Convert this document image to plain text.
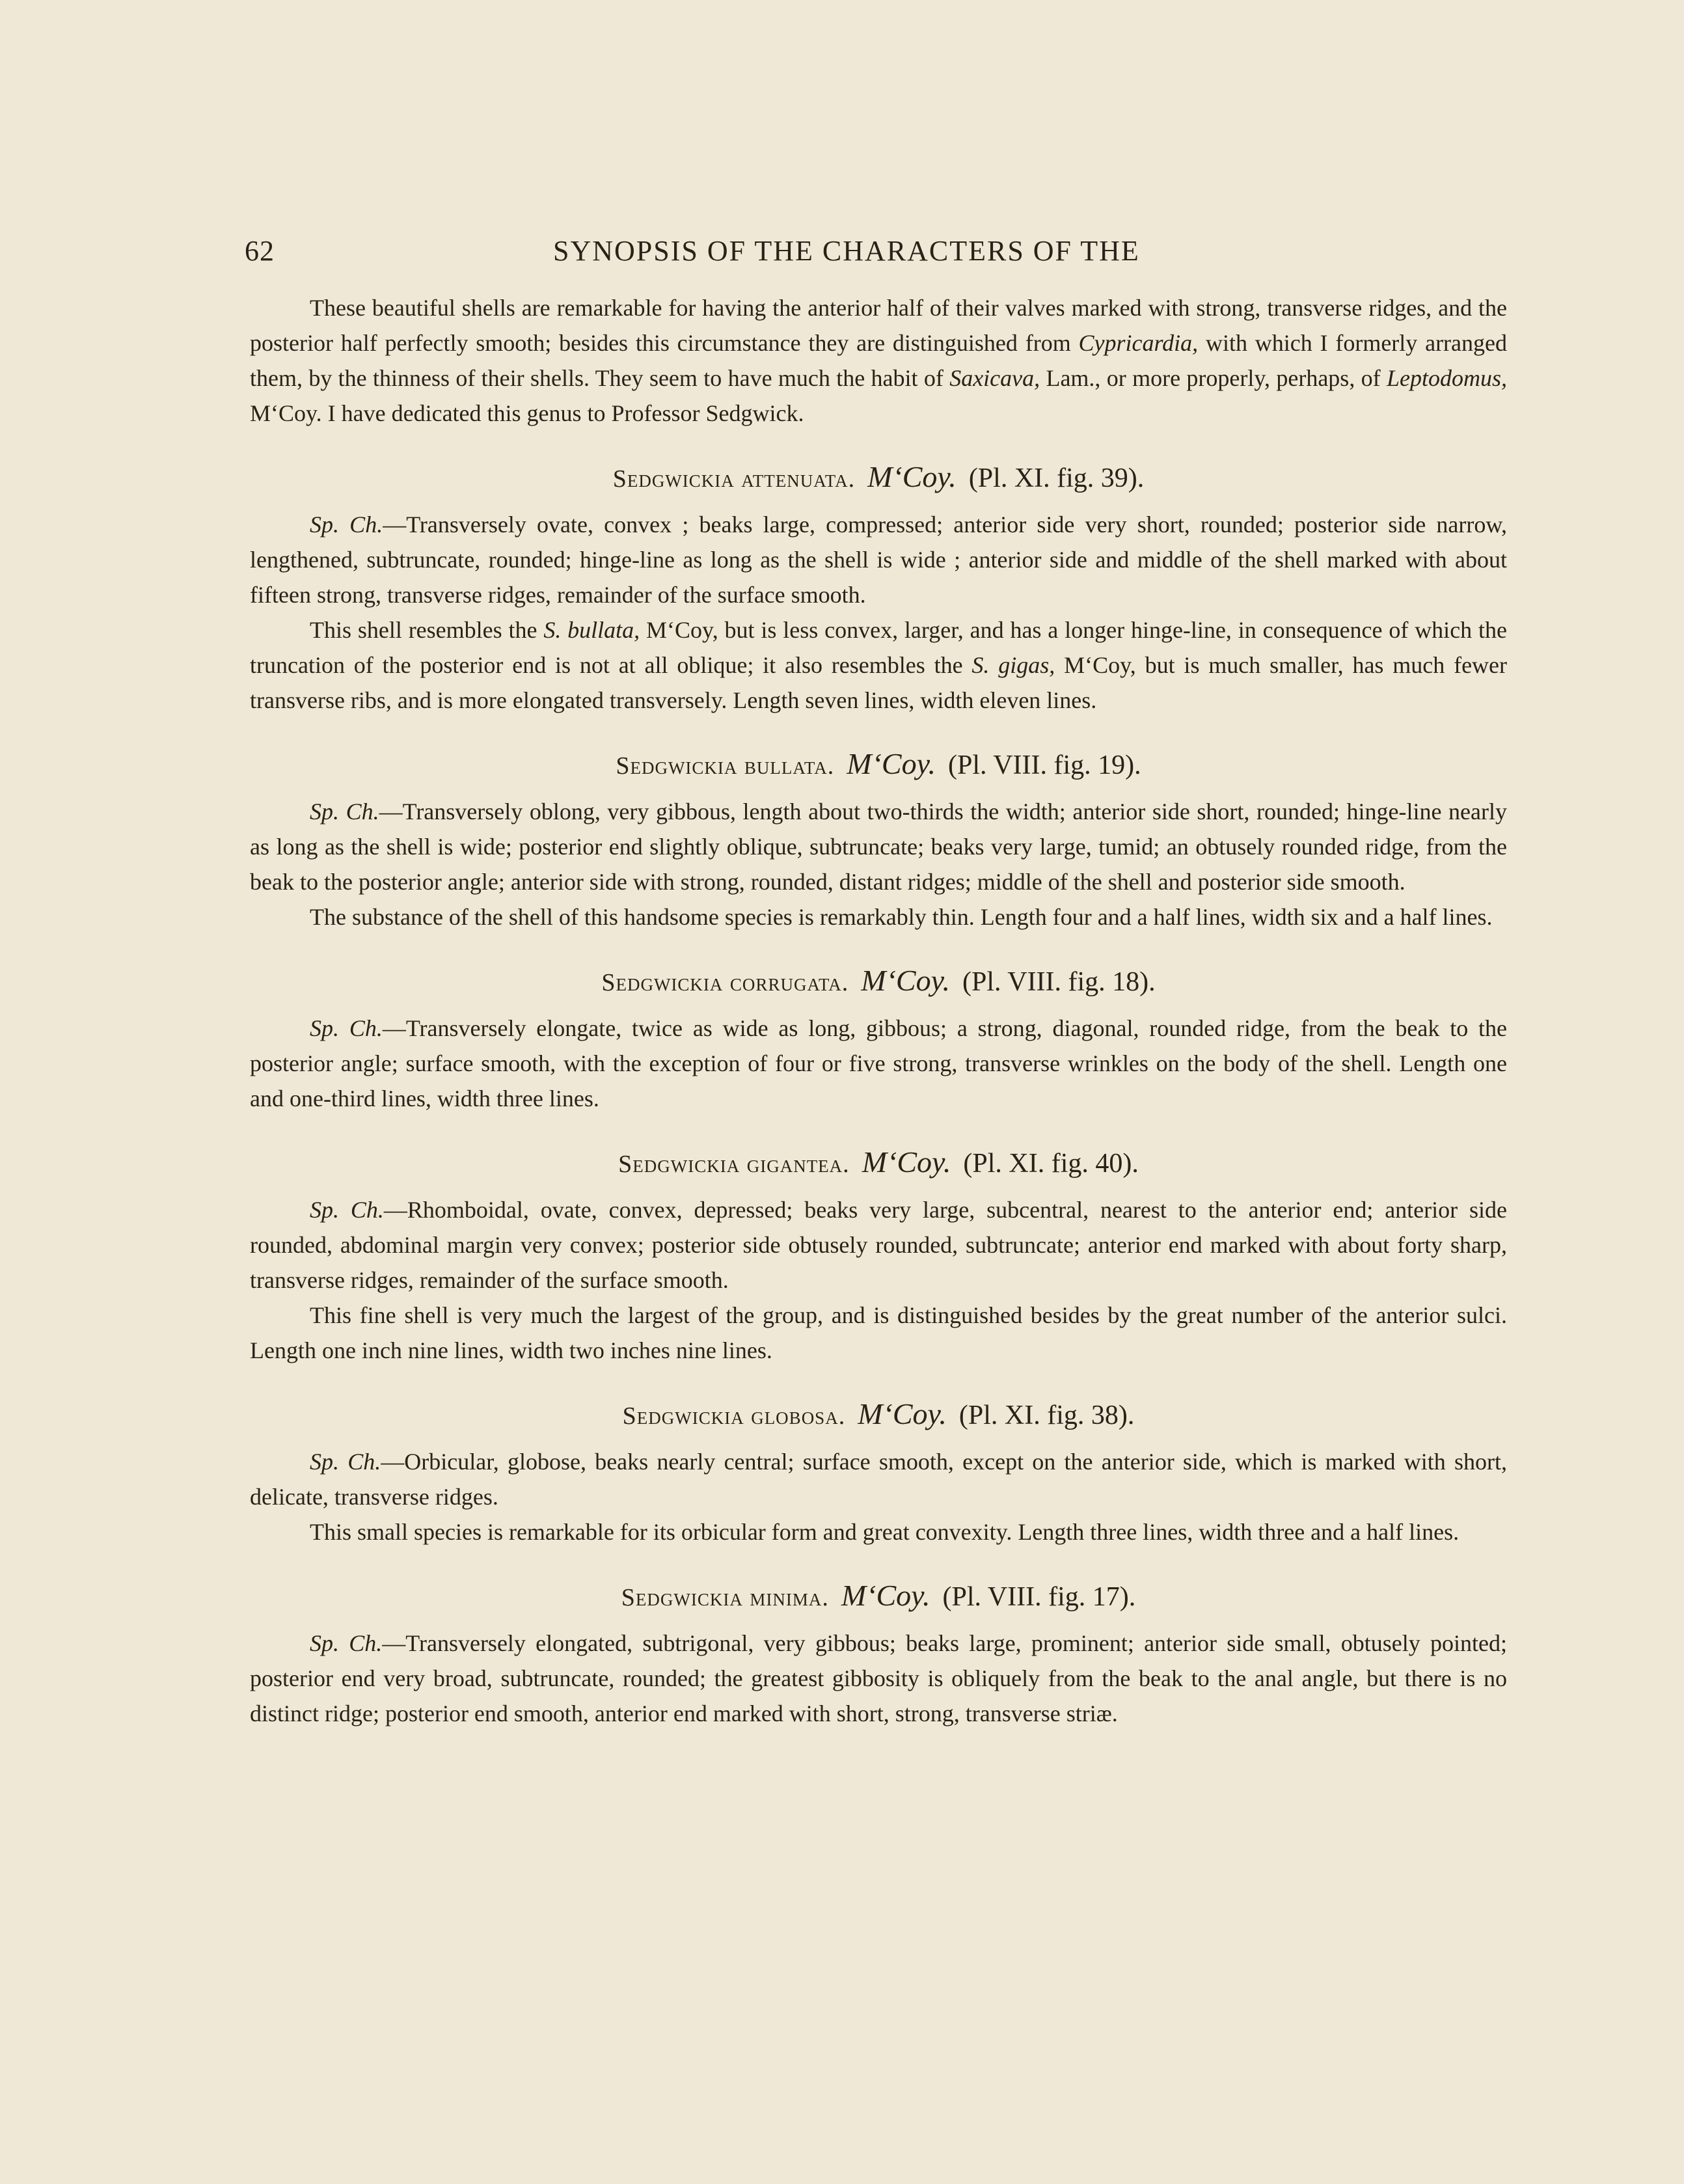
62	SYNOPSIS OF THE CHARACTERS OF THE

These beautiful shells are remarkable for having the anterior half of their valves marked with strong, transverse ridges, and the posterior half perfectly smooth; besides this circumstance they are distinguished from Cypricardia, with which I formerly arranged them, by the thinness of their shells. They seem to have much the habit of Saxicava, Lam., or more properly, perhaps, of Leptodomus, M‘Coy. I have dedicated this genus to Professor Sedgwick.

Sedgwickia attenuata. M‘Coy. (Pl. XI. fig. 39).

Sp. Ch.—Transversely ovate, convex ; beaks large, compressed; anterior side very short, rounded; posterior side narrow, lengthened, subtruncate, rounded; hinge-line as long as the shell is wide ; anterior side and middle of the shell marked with about fifteen strong, transverse ridges, remainder of the surface smooth.

This shell resembles the S. bullata, M‘Coy, but is less convex, larger, and has a longer hinge-line, in consequence of which the truncation of the posterior end is not at all oblique; it also resembles the S. gigas, M‘Coy, but is much smaller, has much fewer transverse ribs, and is more elongated transversely. Length seven lines, width eleven lines.

Sedgwickia bullata. M‘Coy. (Pl. VIII. fig. 19).

Sp. Ch.—Transversely oblong, very gibbous, length about two-thirds the width; anterior side short, rounded; hinge-line nearly as long as the shell is wide; posterior end slightly oblique, subtruncate; beaks very large, tumid; an obtusely rounded ridge, from the beak to the posterior angle; anterior side with strong, rounded, distant ridges; middle of the shell and posterior side smooth.

The substance of the shell of this handsome species is remarkably thin. Length four and a half lines, width six and a half lines.

Sedgwickia corrugata. M‘Coy. (Pl. VIII. fig. 18).

Sp. Ch.—Transversely elongate, twice as wide as long, gibbous; a strong, diagonal, rounded ridge, from the beak to the posterior angle; surface smooth, with the exception of four or five strong, transverse wrinkles on the body of the shell. Length one and one-third lines, width three lines.

Sedgwickia gigantea. M‘Coy. (Pl. XI. fig. 40).

Sp. Ch.—Rhomboidal, ovate, convex, depressed; beaks very large, subcentral, nearest to the anterior end; anterior side rounded, abdominal margin very convex; posterior side obtusely rounded, subtruncate; anterior end marked with about forty sharp, transverse ridges, remainder of the surface smooth.

This fine shell is very much the largest of the group, and is distinguished besides by the great number of the anterior sulci. Length one inch nine lines, width two inches nine lines.

Sedgwickia globosa. M‘Coy. (Pl. XI. fig. 38).

Sp. Ch.—Orbicular, globose, beaks nearly central; surface smooth, except on the anterior side, which is marked with short, delicate, transverse ridges.

This small species is remarkable for its orbicular form and great convexity. Length three lines, width three and a half lines.

Sedgwickia minima. M‘Coy. (Pl. VIII. fig. 17).

Sp. Ch.—Transversely elongated, subtrigonal, very gibbous; beaks large, prominent; anterior side small, obtusely pointed; posterior end very broad, subtruncate, rounded; the greatest gibbosity is obliquely from the beak to the anal angle, but there is no distinct ridge; posterior end smooth, anterior end marked with short, strong, transverse striæ.
